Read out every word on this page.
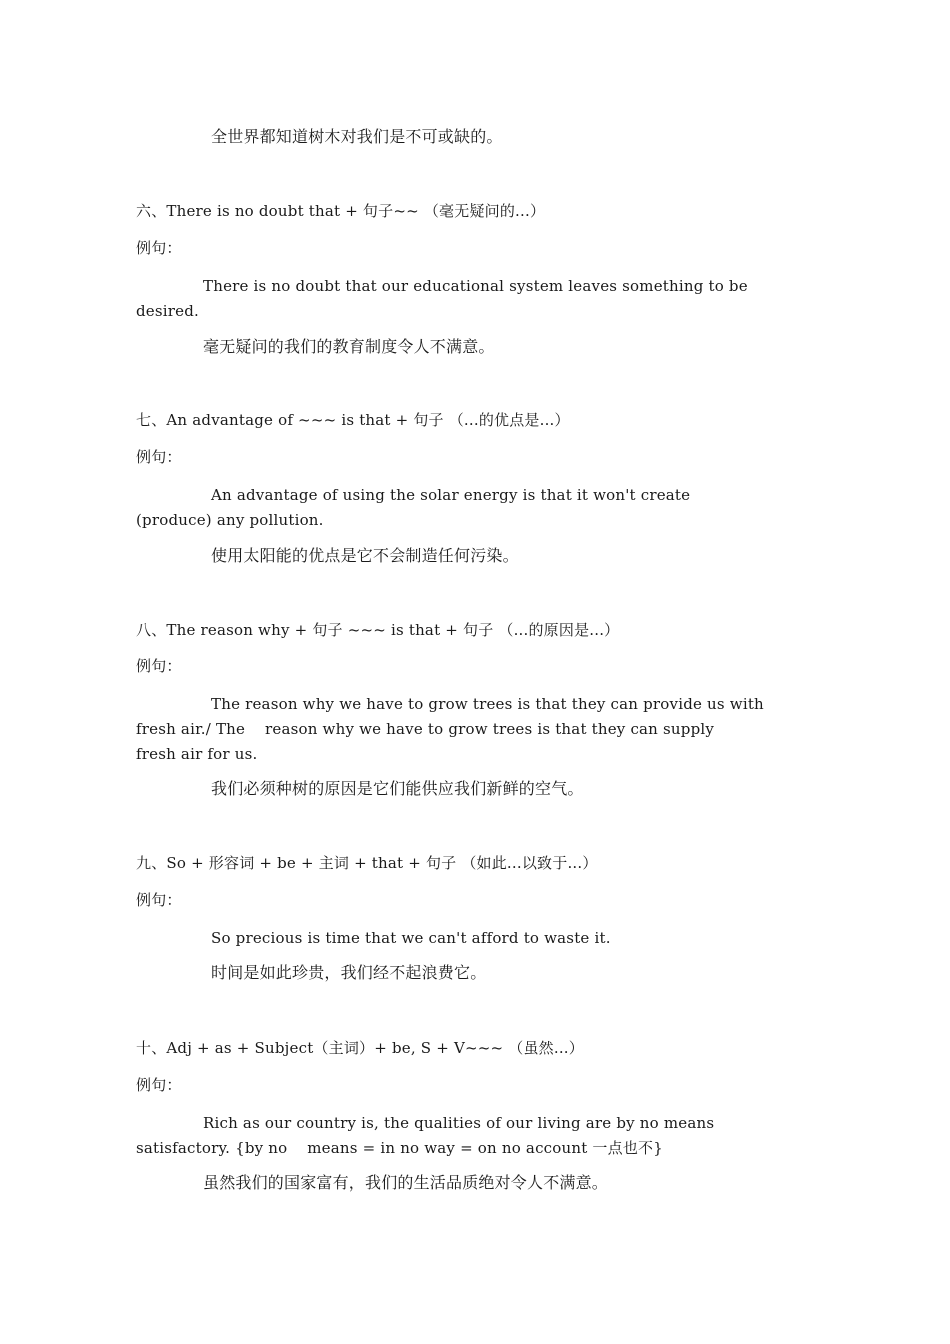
全世界都知道树木对我们是不可或缺的。
六、There is no doubt that + 句子~~ （毫无疑问的...）
例句：
There is no doubt that our educational system leaves something to be
desired.
毫无疑问的我们的教育制度令人不满意。
七、An advantage of ~~~ is that + 句子 （...的优点是...）
例句：
An advantage of using the solar energy is that it won't create
(produce) any pollution.
使用太阳能的优点是它不会制造任何污染。
八、The reason why + 句子 ~~~ is that + 句子 （...的原因是...）
例句：
The reason why we have to grow trees is that they can provide us with
fresh air./ The    reason why we have to grow trees is that they can supply
fresh air for us.
我们必须种树的原因是它们能供应我们新鲜的空气。
九、So + 形容词 + be + 主词 + that + 句子 （如此...以致于...）
例句：
So precious is time that we can't afford to waste it.
时间是如此珍贵，我们经不起浪费它。
十、Adj + as + Subject（主词）+ be, S + V~~~ （虽然...）
例句：
Rich as our country is, the qualities of our living are by no means
satisfactory. {by no    means = in no way = on no account 一点也不}
虽然我们的国家富有，我们的生活品质绝对令人不满意。
